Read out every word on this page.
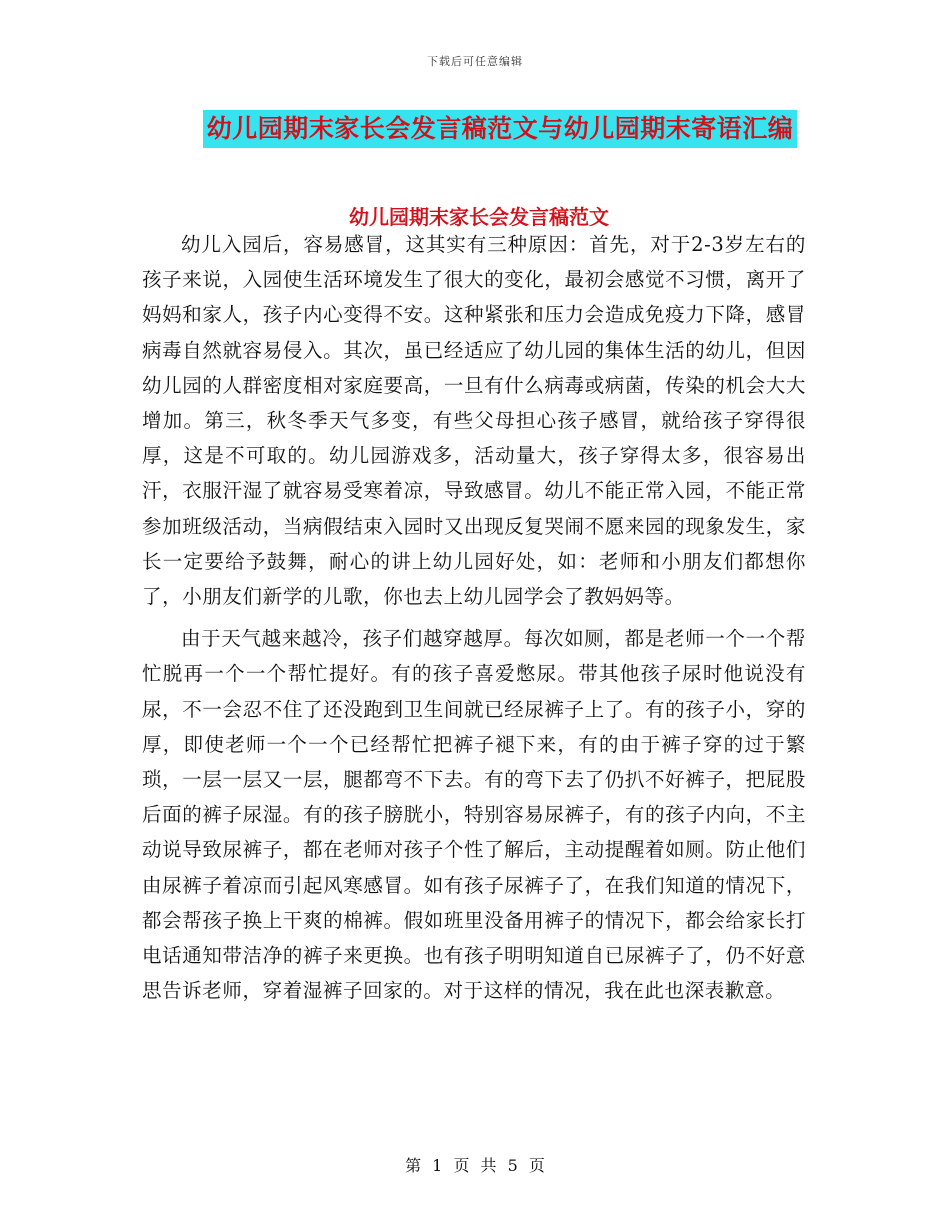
下载后可任意编辑
幼儿园期末家长会发言稿范文与幼儿园期末寄语汇编
幼儿园期末家长会发言稿范文

幼儿入园后，容易感冒，这其实有三种原因：首先，对于2-3岁左右的孩子来说，入园使生活环境发生了很大的变化，最初会感觉不习惯，离开了妈妈和家人，孩子内心变得不安。这种紧张和压力会造成免疫力下降，感冒病毒自然就容易侵入。其次，虽已经适应了幼儿园的集体生活的幼儿，但因幼儿园的人群密度相对家庭要高，一旦有什么病毒或病菌，传染的机会大大增加。第三，秋冬季天气多变，有些父母担心孩子感冒，就给孩子穿得很厚，这是不可取的。幼儿园游戏多，活动量大，孩子穿得太多，很容易出汗，衣服汗湿了就容易受寒着凉，导致感冒。幼儿不能正常入园，不能正常参加班级活动，当病假结束入园时又出现反复哭闹不愿来园的现象发生，家长一定要给予鼓舞，耐心的讲上幼儿园好处，如：老师和小朋友们都想你了，小朋友们新学的儿歌，你也去上幼儿园学会了教妈妈等。

由于天气越来越冷，孩子们越穿越厚。每次如厕，都是老师一个一个帮忙脱再一个一个帮忙提好。有的孩子喜爱憋尿。带其他孩子尿时他说没有尿，不一会忍不住了还没跑到卫生间就已经尿裤子上了。有的孩子小，穿的厚，即使老师一个一个已经帮忙把裤子褪下来，有的由于裤子穿的过于繁琐，一层一层又一层，腿都弯不下去。有的弯下去了仍扒不好裤子，把屁股后面的裤子尿湿。有的孩子膀胱小，特别容易尿裤子，有的孩子内向，不主动说导致尿裤子，都在老师对孩子个性了解后，主动提醒着如厕。防止他们由尿裤子着凉而引起风寒感冒。如有孩子尿裤子了，在我们知道的情况下，都会帮孩子换上干爽的棉裤。假如班里没备用裤子的情况下，都会给家长打电话通知带洁净的裤子来更换。也有孩子明明知道自已尿裤子了，仍不好意思告诉老师，穿着湿裤子回家的。对于这样的情况，我在此也深表歉意。

第 1 页 共 5 页
